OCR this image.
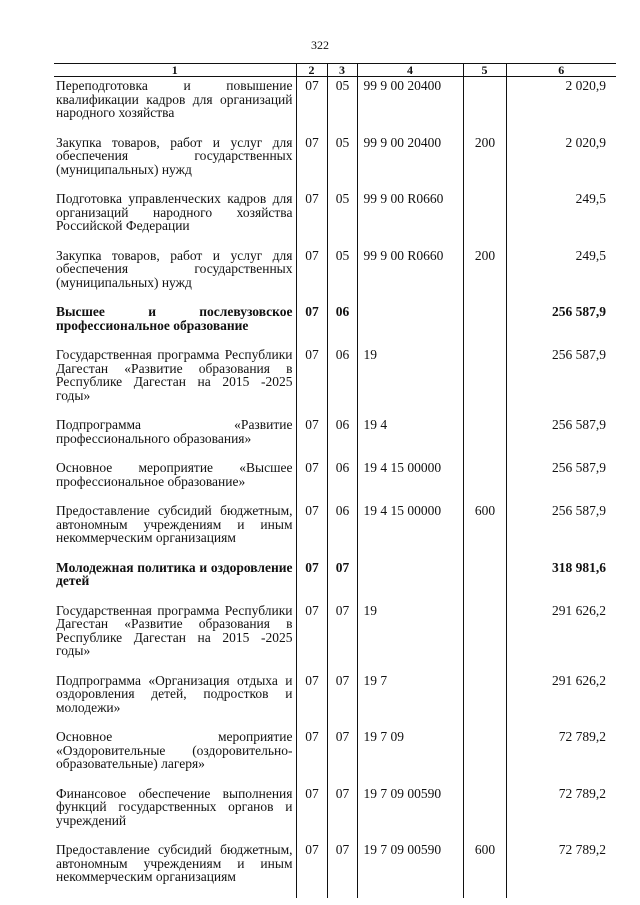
322
1	2	3	4	5	6
Переподготовка и повышение квалификации кадров для организаций народного хозяйства	07	05	99 9 00 20400		2 020,9
Закупка товаров, работ и услуг для обеспечения государственных (муниципальных) нужд	07	05	99 9 00 20400	200	2 020,9
Подготовка управленческих кадров для организаций народного хозяйства Российской Федерации	07	05	99 9 00 R0660		249,5
Закупка товаров, работ и услуг для обеспечения государственных (муниципальных) нужд	07	05	99 9 00 R0660	200	249,5
Высшее и послевузовское профессиональное образование	07	06			256 587,9
Государственная программа Республики Дагестан «Развитие образования в Республике Дагестан на 2015 -2025 годы»	07	06	19		256 587,9
Подпрограмма «Развитие профессионального образования»	07	06	19 4		256 587,9
Основное мероприятие «Высшее профессиональное образование»	07	06	19 4 15 00000		256 587,9
Предоставление субсидий бюджетным, автономным учреждениям и иным некоммерческим организациям	07	06	19 4 15 00000	600	256 587,9
Молодежная политика и оздоровление детей	07	07			318 981,6
Государственная программа Республики Дагестан «Развитие образования в Республике Дагестан на 2015 -2025 годы»	07	07	19		291 626,2
Подпрограмма «Организация отдыха и оздоровления детей, подростков и молодежи»	07	07	19 7		291 626,2
Основное мероприятие «Оздоровительные (оздоровительно-образовательные) лагеря»	07	07	19 7 09		72 789,2
Финансовое обеспечение выполнения функций государственных органов и учреждений	07	07	19 7 09 00590		72 789,2
Предоставление субсидий бюджетным, автономным учреждениям и иным некоммерческим организациям	07	07	19 7 09 00590	600	72 789,2
